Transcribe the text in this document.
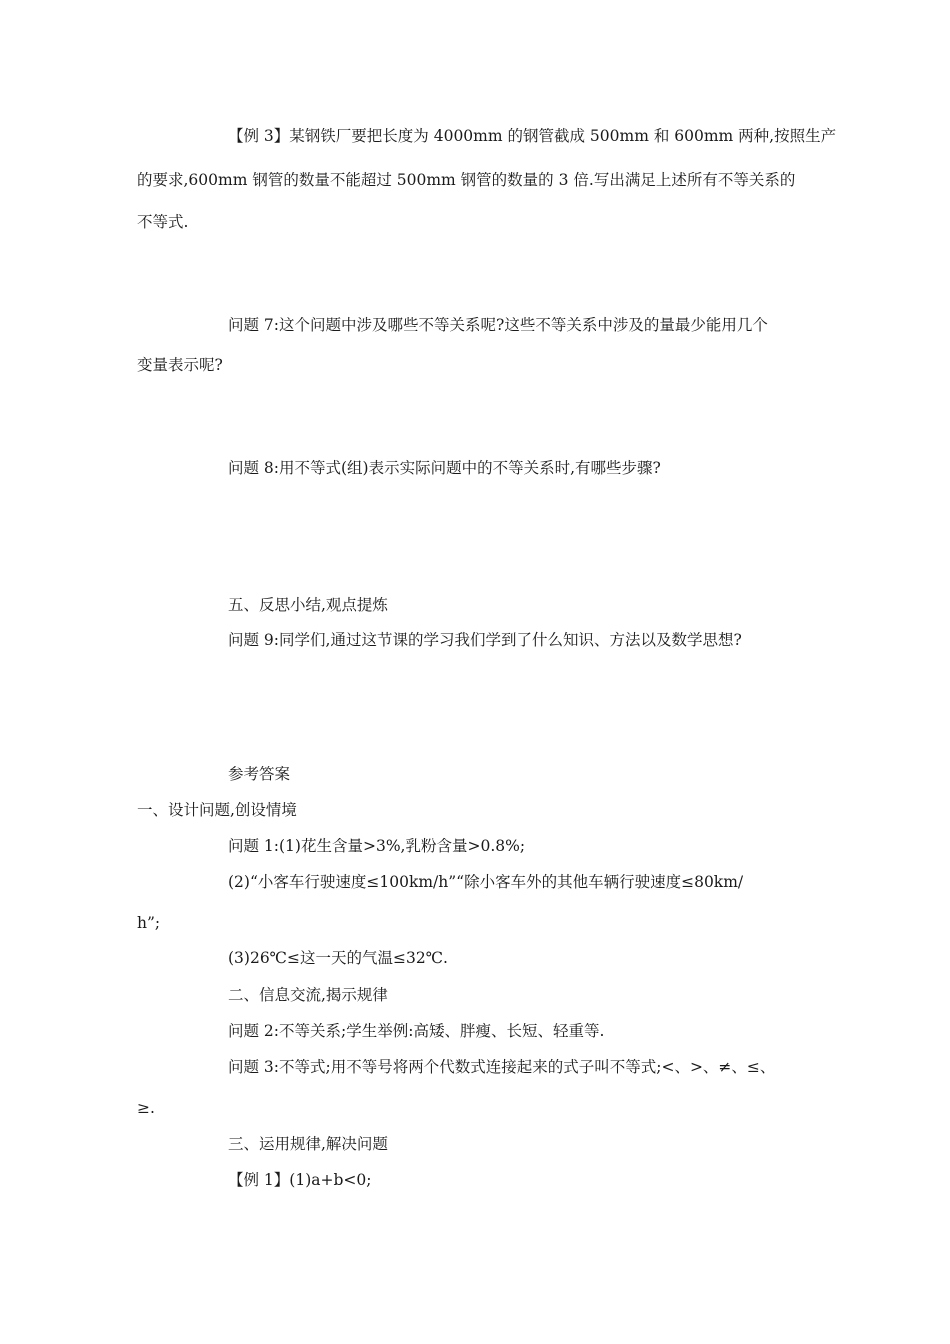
【例 3】某钢铁厂要把长度为 4000mm 的钢管截成 500mm 和 600mm 两种,按照生产
的要求,600mm 钢管的数量不能超过 500mm 钢管的数量的 3 倍.写出满足上述所有不等关系的
不等式.
问题 7:这个问题中涉及哪些不等关系呢?这些不等关系中涉及的量最少能用几个
变量表示呢?
问题 8:用不等式(组)表示实际问题中的不等关系时,有哪些步骤?
五、反思小结,观点提炼
问题 9:同学们,通过这节课的学习我们学到了什么知识、方法以及数学思想?
参考答案
一、设计问题,创设情境
问题 1:(1)花生含量>3%,乳粉含量>0.8%;
(2)“小客车行驶速度≤100km/h”“除小客车外的其他车辆行驶速度≤80km/
h”;
(3)26℃≤这一天的气温≤32℃.
二、信息交流,揭示规律
问题 2:不等关系;学生举例:高矮、胖瘦、长短、轻重等.
问题 3:不等式;用不等号将两个代数式连接起来的式子叫不等式;<、>、≠、≤、
≥.
三、运用规律,解决问题
【例 1】(1)a+b<0;
